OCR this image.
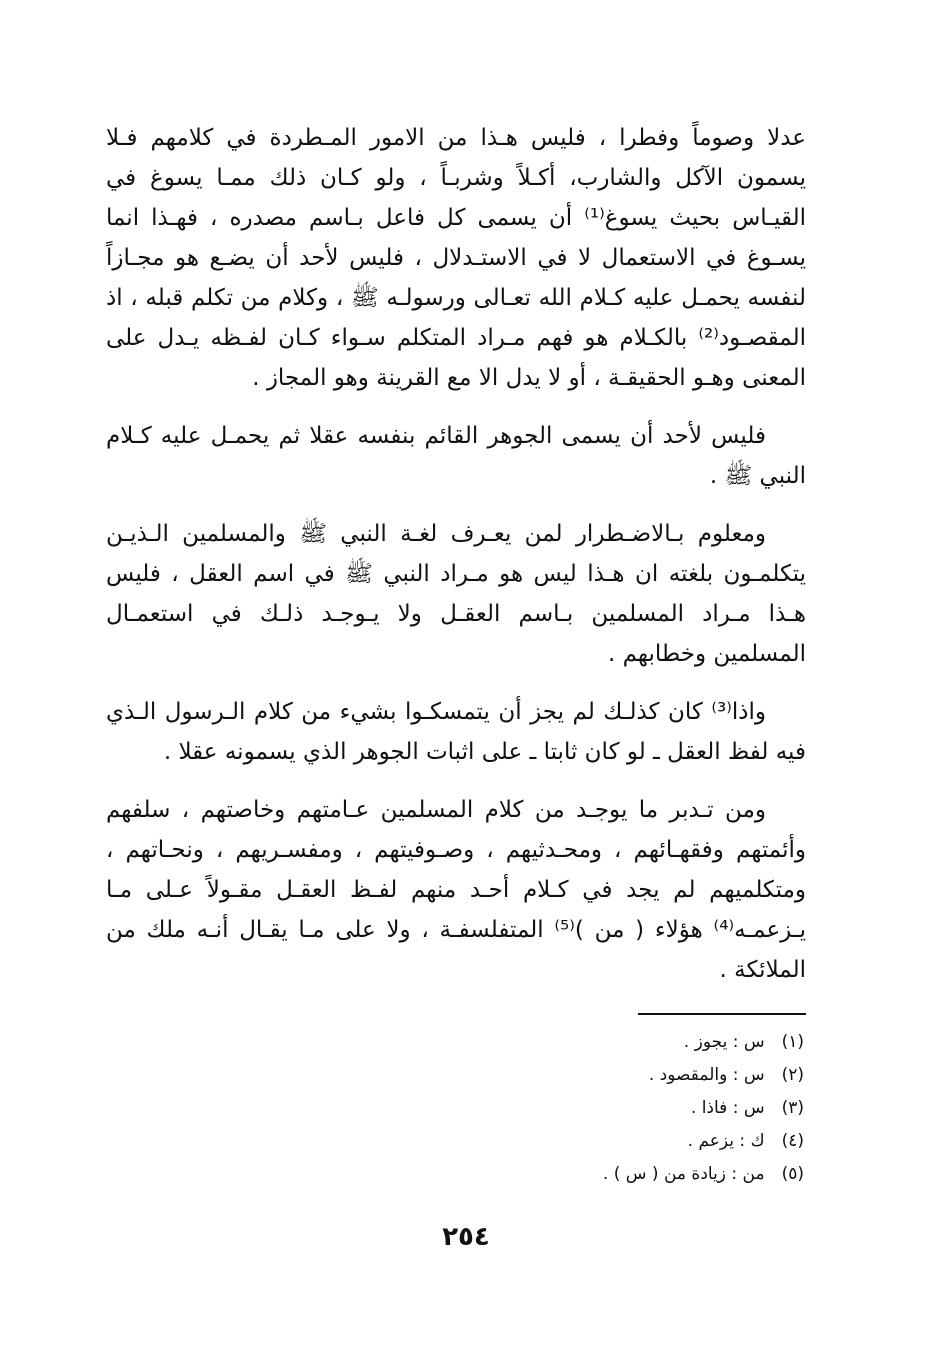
عدلا وصوماً وفطرا ، فليس هـذا من الامور المـطردة في كلامهم فـلا يسمون الآكل والشارب، أكـلاً وشربـاً ، ولو كـان ذلك ممـا يسوغ في القيـاس بحيث يسوغ⁽¹⁾ أن يسمى كل فاعل بـاسم مصدره ، فهـذا انما يسـوغ في الاستعمال لا في الاستـدلال ، فليس لأحد أن يضـع هو مجـازاً لنفسه يحمـل عليه كـلام الله تعـالى ورسولـه ﷺ ، وكلام من تكلم قبله ، اذ المقصـود⁽²⁾ بالكـلام هو فهم مـراد المتكلم سـواء كـان لفـظه يـدل على المعنى وهـو الحقيقـة ، أو لا يدل الا مع القرينة وهو المجاز .

فليس لأحد أن يسمى الجوهر القائم بنفسه عقلا ثم يحمـل عليه كـلام النبي ﷺ .

ومعلوم بـالاضـطرار لمن يعـرف لغـة النبي ﷺ والمسلمين الـذيـن يتكلمـون بلغته ان هـذا ليس هو مـراد النبي ﷺ في اسم العقل ، فليس هـذا مـراد المسلمين بـاسم العقـل ولا يـوجـد ذلـك في استعمـال المسلمين وخطابهم .

واذا⁽³⁾ كان كذلـك لم يجز أن يتمسكـوا بشيء من كلام الـرسول الـذي فيه لفظ العقل ـ لو كان ثابتا ـ على اثبات الجوهر الذي يسمونه عقلا .

ومن تـدبر ما يوجـد من كلام المسلمين عـامتهم وخاصتهم ، سلفهم وأئمتهم وفقهـائهم ، ومحـدثيهم ، وصـوفيتهم ، ومفسـريهم ، ونحـاتهم ، ومتكلميهم لم يجد في كـلام أحـد منهم لفـظ العقـل مقـولاً عـلى مـا يـزعمـه⁽⁴⁾ هؤلاء ( من )⁽⁵⁾ المتفلسفـة ، ولا على مـا يقـال أنـه ملك من الملائكة .

(١) س : يجوز .
(٢) س : والمقصود .
(٣) س : فاذا .
(٤) ك : يزعم .
(٥) من : زيادة من ( س ) .
٢٥٤
